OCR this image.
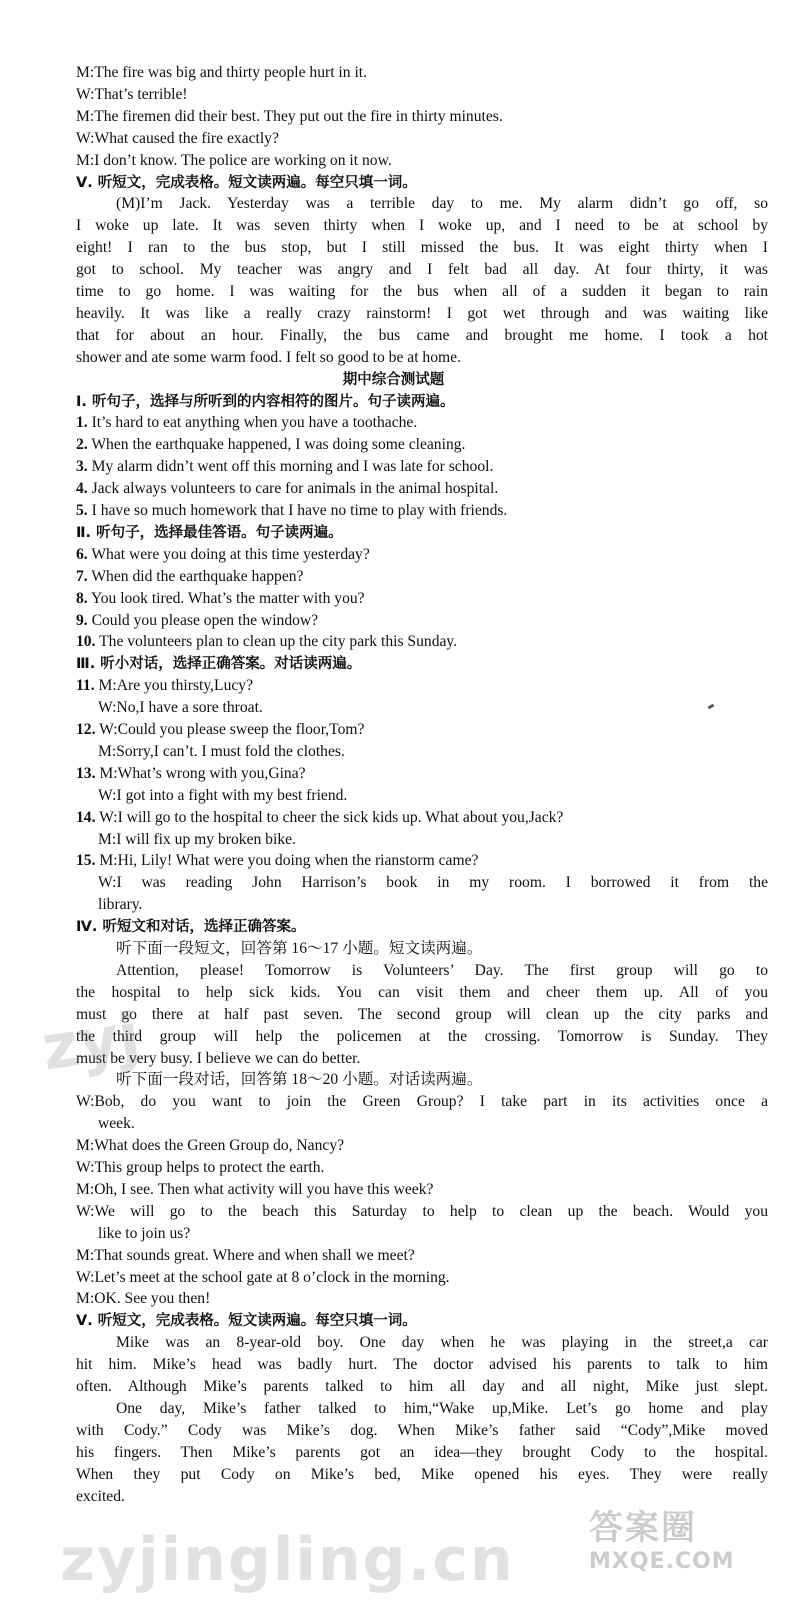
M:The fire was big and thirty people hurt in it.
W:That’s terrible!
M:The firemen did their best. They put out the fire in thirty minutes.
W:What caused the fire exactly?
M:I don’t know. The police are working on it now.
Ⅴ. 听短文，完成表格。短文读两遍。每空只填一词。
(M)I’m Jack. Yesterday was a terrible day to me. My alarm didn’t go off, so
I woke up late. It was seven thirty when I woke up, and I need to be at school by
eight! I ran to the bus stop, but I still missed the bus. It was eight thirty when I
got to school. My teacher was angry and I felt bad all day. At four thirty, it was
time to go home. I was waiting for the bus when all of a sudden it began to rain
heavily. It was like a really crazy rainstorm! I got wet through and was waiting like
that for about an hour. Finally, the bus came and brought me home. I took a hot
shower and ate some warm food. I felt so good to be at home.
期中综合测试题
Ⅰ. 听句子，选择与所听到的内容相符的图片。句子读两遍。
1. It’s hard to eat anything when you have a toothache.
2. When the earthquake happened, I was doing some cleaning.
3. My alarm didn’t went off this morning and I was late for school.
4. Jack always volunteers to care for animals in the animal hospital.
5. I have so much homework that I have no time to play with friends.
Ⅱ. 听句子，选择最佳答语。句子读两遍。
6. What were you doing at this time yesterday?
7. When did the earthquake happen?
8. You look tired. What’s the matter with you?
9. Could you please open the window?
10. The volunteers plan to clean up the city park this Sunday.
Ⅲ. 听小对话，选择正确答案。对话读两遍。
11. M:Are you thirsty,Lucy?
W:No,I have a sore throat.
12. W:Could you please sweep the floor,Tom?
M:Sorry,I can’t. I must fold the clothes.
13. M:What’s wrong with you,Gina?
W:I got into a fight with my best friend.
14. W:I will go to the hospital to cheer the sick kids up. What about you,Jack?
M:I will fix up my broken bike.
15. M:Hi, Lily! What were you doing when the rianstorm came?
W:I was reading John Harrison’s book in my room. I borrowed it from the
library.
Ⅳ. 听短文和对话，选择正确答案。
听下面一段短文，回答第 16～17 小题。短文读两遍。
Attention, please! Tomorrow is Volunteers’ Day. The first group will go to
the hospital to help sick kids. You can visit them and cheer them up. All of you
must go there at half past seven. The second group will clean up the city parks and
the third group will help the policemen at the crossing. Tomorrow is Sunday. They
must be very busy. I believe we can do better.
听下面一段对话，回答第 18～20 小题。对话读两遍。
W:Bob, do you want to join the Green Group? I take part in its activities once a
week.
M:What does the Green Group do, Nancy?
W:This group helps to protect the earth.
M:Oh, I see. Then what activity will you have this week?
W:We will go to the beach this Saturday to help to clean up the beach. Would you
like to join us?
M:That sounds great. Where and when shall we meet?
W:Let’s meet at the school gate at 8 o’clock in the morning.
M:OK. See you then!
Ⅴ. 听短文，完成表格。短文读两遍。每空只填一词。
Mike was an 8-year-old boy. One day when he was playing in the street,a car
hit him. Mike’s head was badly hurt. The doctor advised his parents to talk to him
often. Although Mike’s parents talked to him all day and all night, Mike just slept.
One day, Mike’s father talked to him,“Wake up,Mike. Let’s go home and play
with Cody.” Cody was Mike’s dog. When Mike’s father said “Cody”,Mike moved
his fingers. Then Mike’s parents got an idea—they brought Cody to the hospital.
When they put Cody on Mike’s bed, Mike opened his eyes. They were really
excited.
zyj
zyjingling.cn 答案圈
MXQE.COM
